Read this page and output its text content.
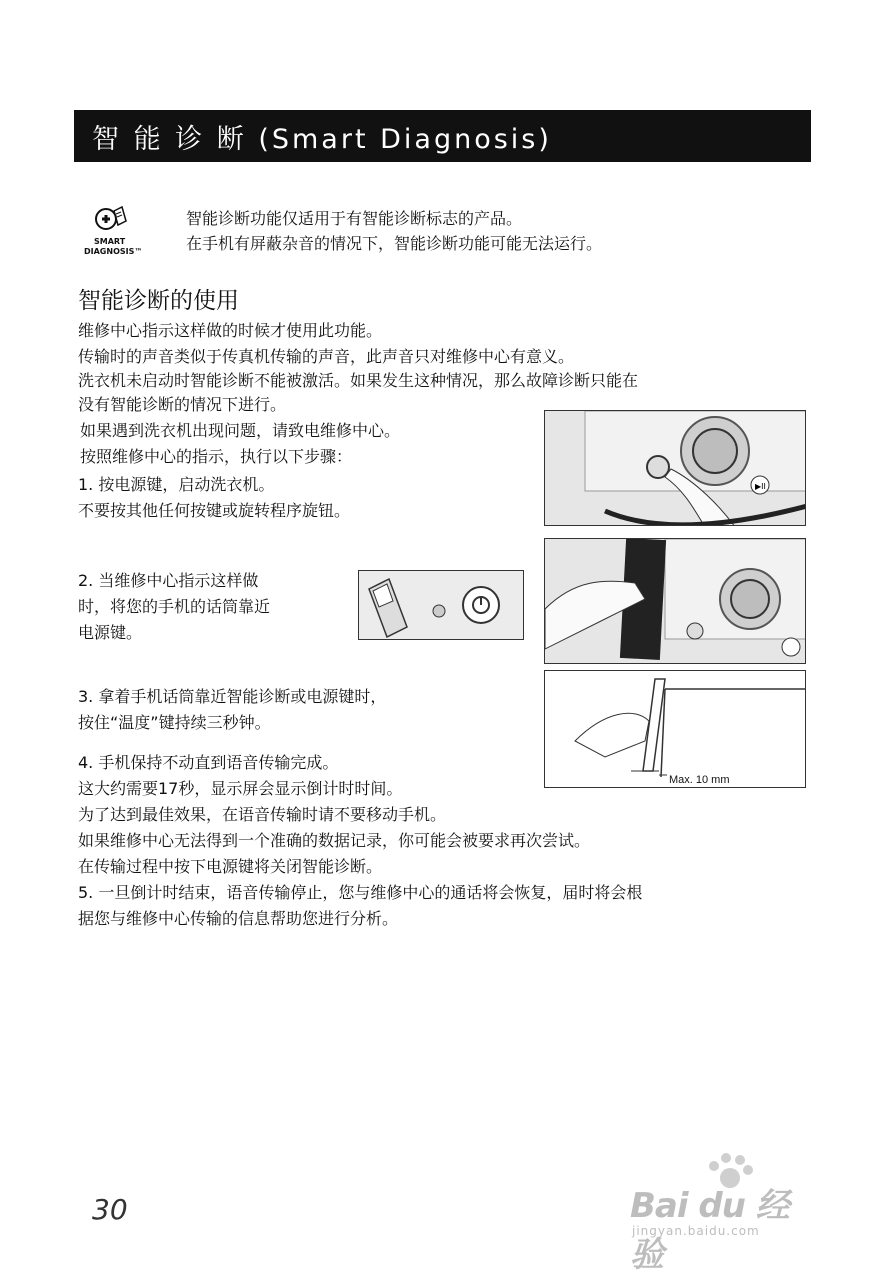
智 能 诊 断 (Smart Diagnosis)
SMART
DIAGNOSIS™
智能诊断功能仅适用于有智能诊断标志的产品。
在手机有屏蔽杂音的情况下，智能诊断功能可能无法运行。
智能诊断的使用
维修中心指示这样做的时候才使用此功能。
传输时的声音类似于传真机传输的声音，此声音只对维修中心有意义。
洗衣机未启动时智能诊断不能被激活。如果发生这种情况，那么故障诊断只能在
没有智能诊断的情况下进行。
如果遇到洗衣机出现问题，请致电维修中心。
按照维修中心的指示，执行以下步骤：
1. 按电源键，启动洗衣机。
不要按其他任何按键或旋转程序旋钮。
2. 当维修中心指示这样做
时，将您的手机的话筒靠近
电源键。
3. 拿着手机话筒靠近智能诊断或电源键时，
按住“温度”键持续三秒钟。
4. 手机保持不动直到语音传输完成。
这大约需要17秒，显示屏会显示倒计时时间。
为了达到最佳效果，在语音传输时请不要移动手机。
如果维修中心无法得到一个准确的数据记录，你可能会被要求再次尝试。
在传输过程中按下电源键将关闭智能诊断。
5. 一旦倒计时结束，语音传输停止，您与维修中心的通话将会恢复，届时将会根
据您与维修中心传输的信息帮助您进行分析。
▶II
Max. 10 mm
30	Bai du 经验
jingyan.baidu.com
